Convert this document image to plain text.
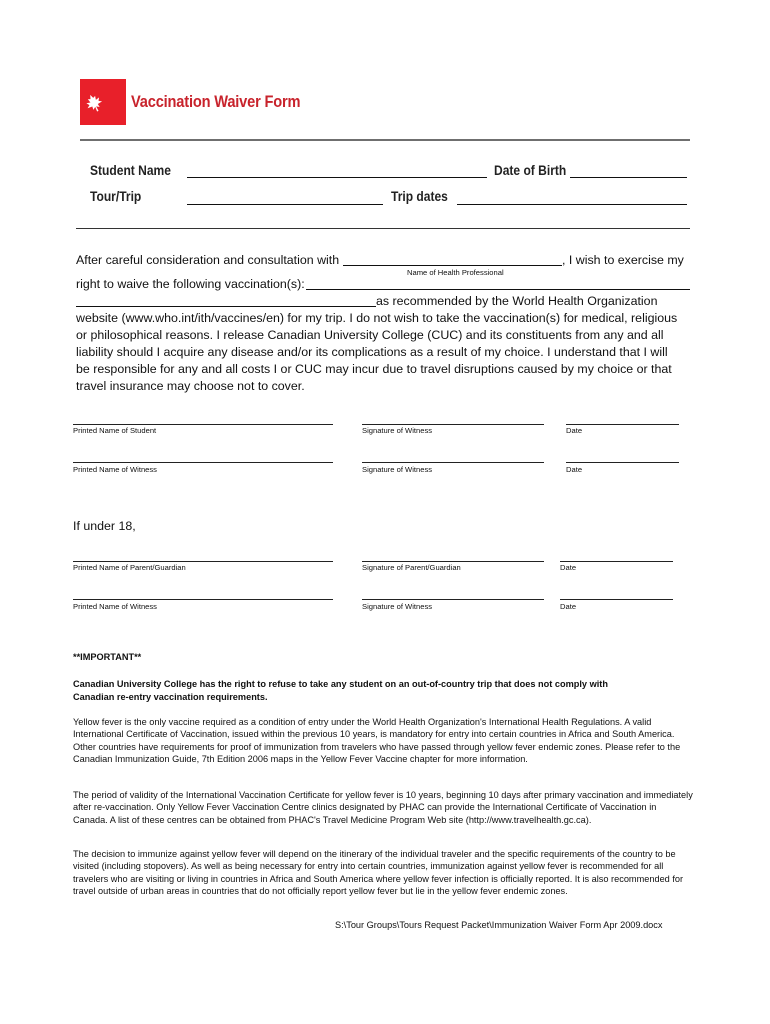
Vaccination Waiver Form
Student Name	Date of Birth
Tour/Trip	Trip dates
After careful consideration and consultation with	, I wish to exercise my
Name of Health Professional
right to waive the following vaccination(s):
as recommended by the World Health Organization
website (www.who.int/ith/vaccines/en) for my trip. I do not wish to take the vaccination(s) for medical, religious
or philosophical reasons. I release Canadian University College (CUC) and its constituents from any and all
liability should I acquire any disease and/or its complications as a result of my choice. I understand that I will
be responsible for any and all costs I or CUC may incur due to travel disruptions caused by my choice or that
travel insurance may choose not to cover.
Printed Name of Student	Signature of Witness	Date
Printed Name of Witness	Signature of Witness	Date
If under 18,
Printed Name of Parent/Guardian	Signature of Parent/Guardian	Date
Printed Name of Witness	Signature of Witness	Date
**IMPORTANT**
Canadian University College has the right to refuse to take any student on an out-of-country trip that does not comply with
Canadian re-entry vaccination requirements.
Yellow fever is the only vaccine required as a condition of entry under the World Health Organization's International Health Regulations. A valid International Certificate of Vaccination, issued within the previous 10 years, is mandatory for entry into certain countries in Africa and South America. Other countries have requirements for proof of immunization from travelers who have passed through yellow fever endemic zones. Please refer to the Canadian Immunization Guide, 7th Edition 2006 maps in the Yellow Fever Vaccine chapter for more information.
The period of validity of the International Vaccination Certificate for yellow fever is 10 years, beginning 10 days after primary vaccination and immediately after re-vaccination. Only Yellow Fever Vaccination Centre clinics designated by PHAC can provide the International Certificate of Vaccination in Canada. A list of these centres can be obtained from PHAC's Travel Medicine Program Web site (http://www.travelhealth.gc.ca).
The decision to immunize against yellow fever will depend on the itinerary of the individual traveler and the specific requirements of the country to be visited (including stopovers). As well as being necessary for entry into certain countries, immunization against yellow fever is recommended for all travelers who are visiting or living in countries in Africa and South America where yellow fever infection is officially reported. It is also recommended for travel outside of urban areas in countries that do not officially report yellow fever but lie in the yellow fever endemic zones.
S:\Tour Groups\Tours Request Packet\Immunization Waiver Form Apr 2009.docx
